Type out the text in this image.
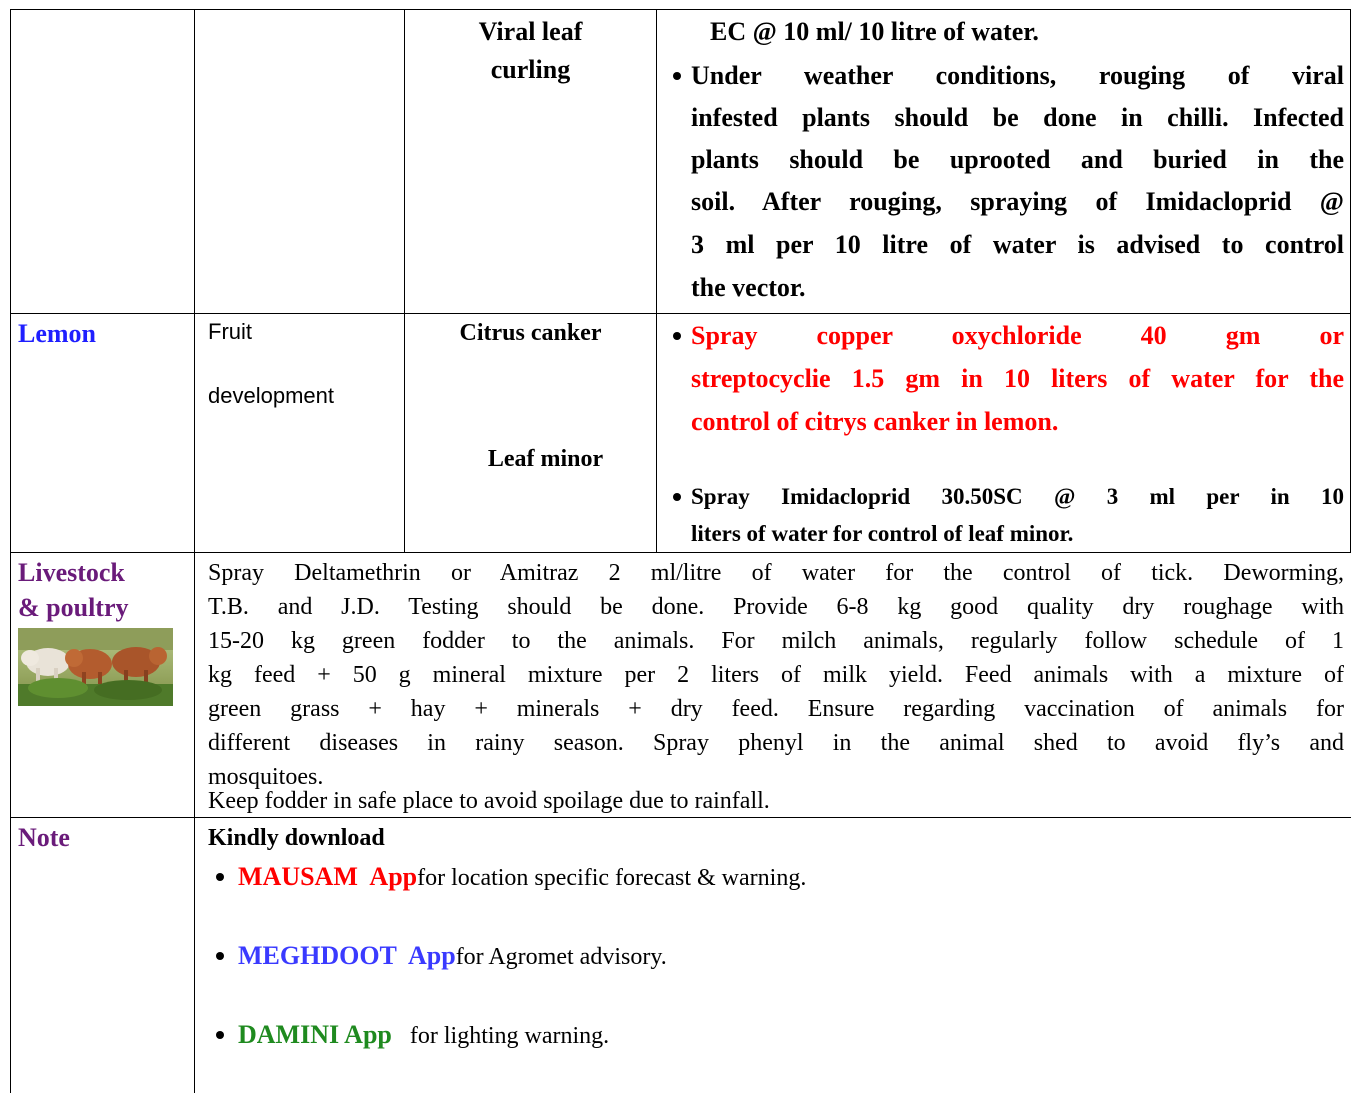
Viral leaf
curling
EC @ 10 ml/ 10 litre of water.
Under weather conditions, rouging of viral
infested plants should be done in chilli. Infected
plants should be uprooted and buried in the
soil. After rouging, spraying of Imidacloprid @
3 ml per 10 litre of water is advised to control
the vector.
Lemon	Fruit
development
Citrus canker
Leaf minor
Spray copper oxychloride 40 gm or
streptocyclie 1.5 gm in 10 liters of water for the
control of citrys canker in lemon.
Spray Imidacloprid 30.50SC @ 3 ml per in 10
liters of water for control of leaf minor.
Livestock
& poultry
Spray Deltamethrin or Amitraz 2 ml/litre of water for the control of tick. Deworming,
T.B. and J.D. Testing should be done. Provide 6-8 kg good quality dry roughage with
15-20 kg green fodder to the animals. For milch animals, regularly follow schedule of 1
kg feed + 50 g mineral mixture per 2 liters of milk yield. Feed animals with a mixture of
green grass + hay + minerals + dry feed. Ensure regarding vaccination of animals for
different diseases in rainy season. Spray phenyl in the animal shed to avoid fly’s and
mosquitoes.
Keep fodder in safe place to avoid spoilage due to rainfall.
Note	Kindly download
MAUSAM  Appfor location specific forecast & warning.
MEGHDOOT  Appfor Agromet advisory.
DAMINI App   for lighting warning.
